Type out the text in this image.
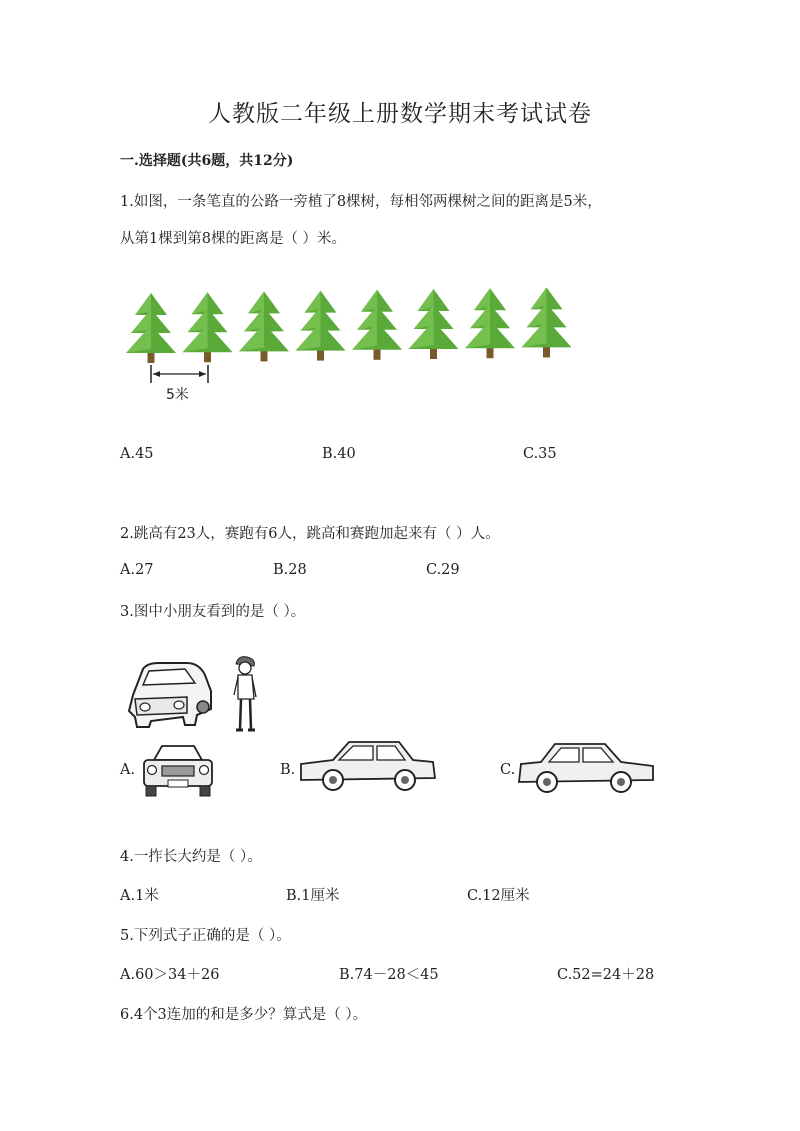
人教版二年级上册数学期末考试试卷
一.选择题(共6题，共12分)
1.如图，一条笔直的公路一旁植了8棵树，每相邻两棵树之间的距离是5米，
从第1棵到第8棵的距离是（ ）米。
5米
A.45	B.40	C.35
2.跳高有23人，赛跑有6人，跳高和赛跑加起来有（ ）人。
A.27	B.28	C.29
3.图中小朋友看到的是（ ）。
A.	B.	C.
4.一拃长大约是（ ）。
A.1米	B.1厘米	C.12厘米
5.下列式子正确的是（ ）。
A.60＞34＋26	B.74－28＜45	C.52=24＋28
6.4个3连加的和是多少？算式是（ ）。
